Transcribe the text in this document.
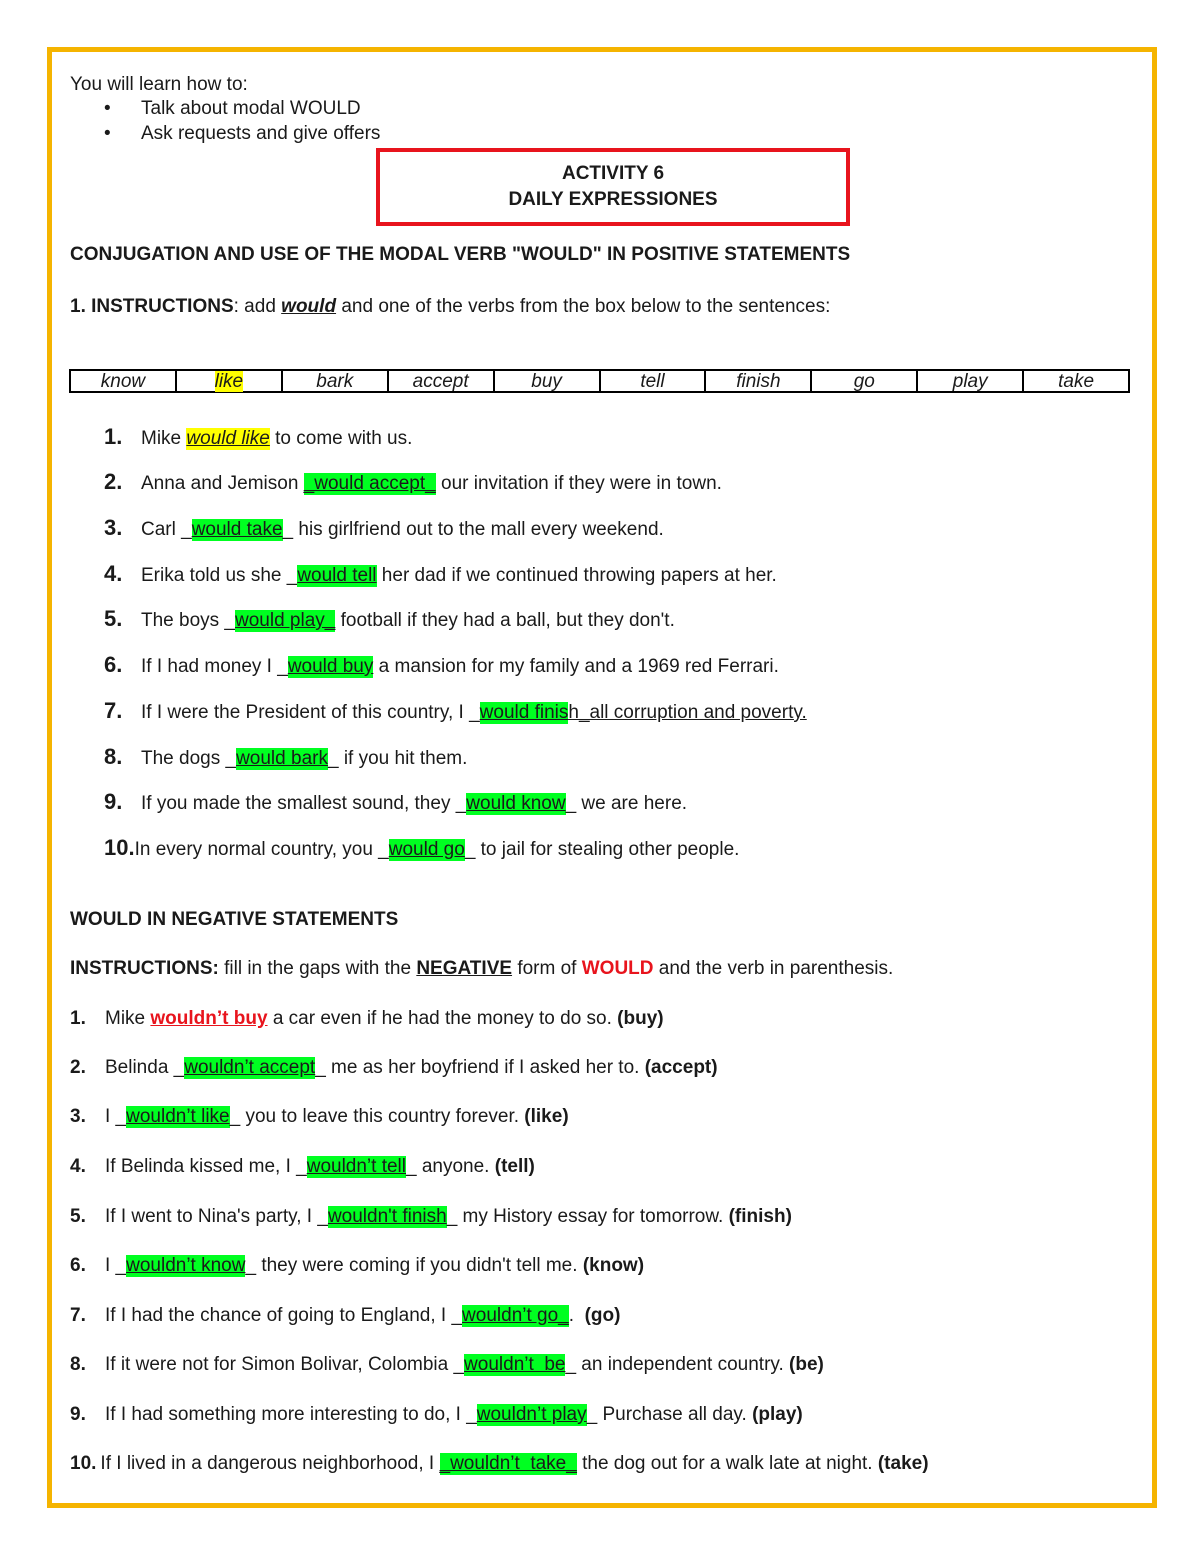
You will learn how to:
• Talk about modal WOULD
• Ask requests and give offers
ACTIVITY 6
DAILY EXPRESSIONES
CONJUGATION AND USE OF THE MODAL VERB "WOULD" IN POSITIVE STATEMENTS
1. INSTRUCTIONS: add would and one of the verbs from the box below to the sentences:
know	like	bark	accept	buy	tell	finish	go	play	take
1. Mike would like to come with us.
2. Anna and Jemison _would accept_ our invitation if they were in town.
3. Carl _ would take _ his girlfriend out to the mall every weekend.
4. Erika told us she _ would tell her dad if we continued throwing papers at her.
5. The boys _ would play_ football if they had a ball, but they don't.
6. If I had money I _ would buy a mansion for my family and a 1969 red Ferrari.
7. If I were the President of this country, I _ would finis h_all corruption and poverty.
8. The dogs _ would bark _ if you hit them.
9. If you made the smallest sound, they _ would know _ we are here.
10. In every normal country, you _ would go _ to jail for stealing other people.
WOULD IN NEGATIVE STATEMENTS
INSTRUCTIONS: fill in the gaps with the NEGATIVE form of WOULD and the verb in parenthesis.
1.	Mike wouldn’t buy a car even if he had the money to do so. (buy)
2.	Belinda _ wouldn’t accept _ me as her boyfriend if I asked her to. (accept)
3.	I _ wouldn’t like _ you to leave this country forever. (like)
4.	If Belinda kissed me, I _ wouldn’t tell _ anyone. (tell)
5.	If I went to Nina's party, I _ wouldn't finish _ my History essay for tomorrow. (finish)
6.	I _ wouldn’t know _ they were coming if you didn't tell me. (know)
7.	If I had the chance of going to England, I _ wouldn’t go_ . (go)
8.	If it were not for Simon Bolivar, Colombia _ wouldn’t  be _ an independent country. (be)
9.	If I had something more interesting to do, I _ wouldn’t play _ Purchase all day. (play)
10. If I lived in a dangerous neighborhood, I _wouldn’t  take_ the dog out for a walk late at night. (take)
